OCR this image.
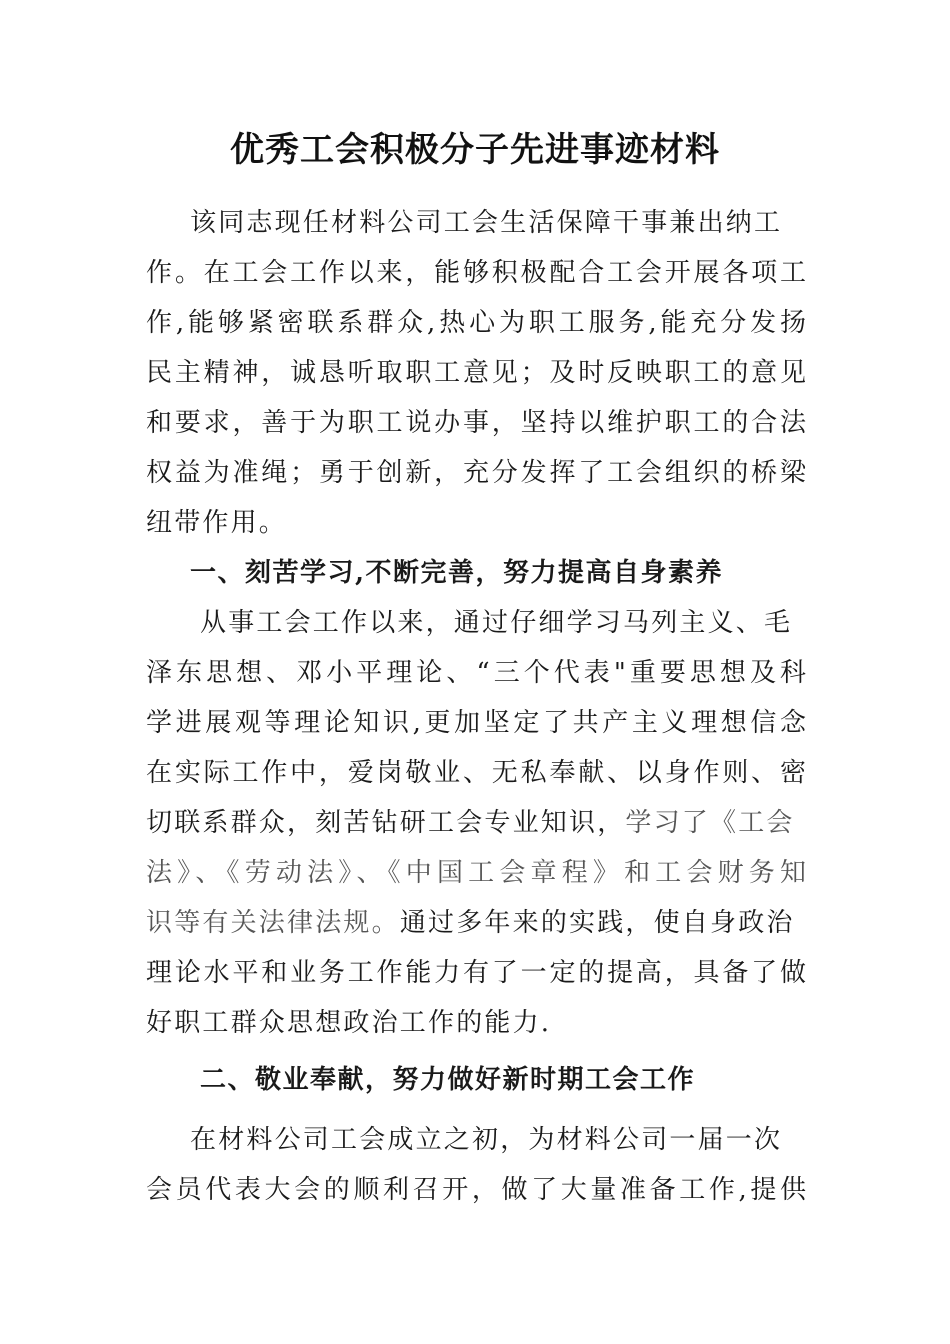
优秀工会积极分子先进事迹材料
该同志现任材料公司工会生活保障干事兼出纳工
作。在工会工作以来，能够积极配合工会开展各项工
作,能够紧密联系群众,热心为职工服务,能充分发扬
民主精神，诚恳听取职工意见；及时反映职工的意见
和要求，善于为职工说办事，坚持以维护职工的合法
权益为准绳；勇于创新，充分发挥了工会组织的桥梁
纽带作用。
一、刻苦学习,不断完善，努力提高自身素养
从事工会工作以来，通过仔细学习马列主义、毛
泽东思想、邓小平理论、“三个代表"重要思想及科
学进展观等理论知识,更加坚定了共产主义理想信念
在实际工作中，爱岗敬业、无私奉献、以身作则、密
切联系群众，刻苦钻研工会专业知识，学习了《工会
法》、《劳动法》、《中国工会章程》和工会财务知
识等有关法律法规。通过多年来的实践，使自身政治
理论水平和业务工作能力有了一定的提高，具备了做
好职工群众思想政治工作的能力.
二、敬业奉献，努力做好新时期工会工作
在材料公司工会成立之初，为材料公司一届一次
会员代表大会的顺利召开，做了大量准备工作,提供
